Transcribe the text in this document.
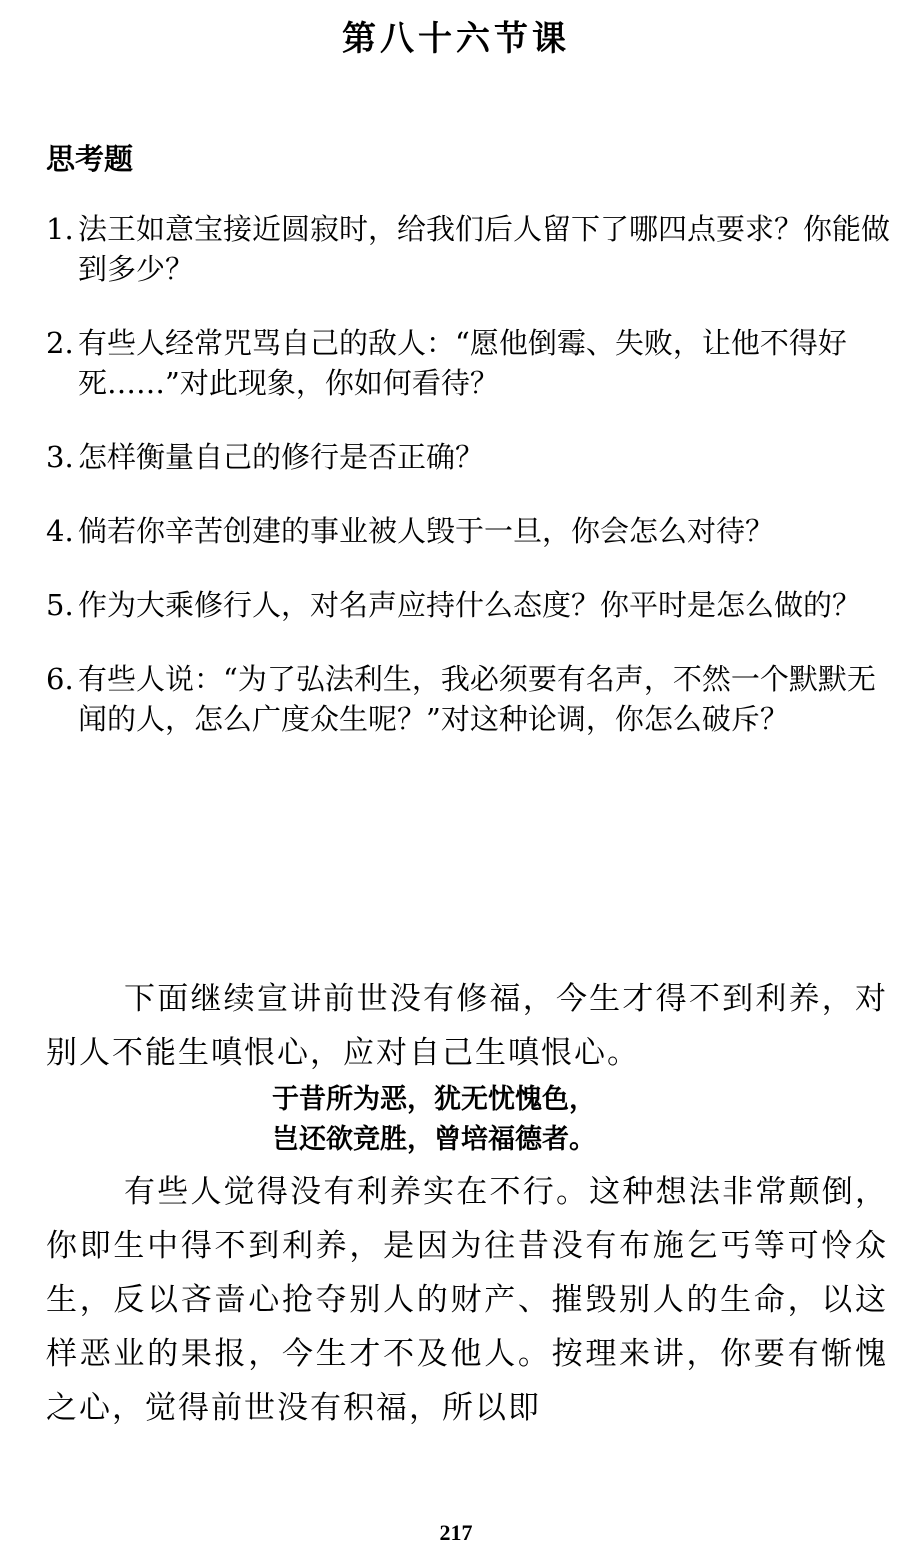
第八十六节课
思考题
1. 法王如意宝接近圆寂时，给我们后人留下了哪四点要求？你能做到多少？
2. 有些人经常咒骂自己的敌人：“愿他倒霉、失败，让他不得好死……”对此现象，你如何看待？
3. 怎样衡量自己的修行是否正确？
4. 倘若你辛苦创建的事业被人毁于一旦，你会怎么对待？
5. 作为大乘修行人，对名声应持什么态度？你平时是怎么做的？
6. 有些人说：“为了弘法利生，我必须要有名声，不然一个默默无闻的人，怎么广度众生呢？”对这种论调，你怎么破斥？

下面继续宣讲前世没有修福，今生才得不到利养，对别人不能生嗔恨心，应对自己生嗔恨心。

于昔所为恶，犹无忧愧色，

岂还欲竞胜，曾培福德者。

有些人觉得没有利养实在不行。这种想法非常颠倒，你即生中得不到利养，是因为往昔没有布施乞丐等可怜众生，反以吝啬心抢夺别人的财产、摧毁别人的生命，以这样恶业的果报，今生才不及他人。按理来讲，你要有惭愧之心，觉得前世没有积福，所以即

217
